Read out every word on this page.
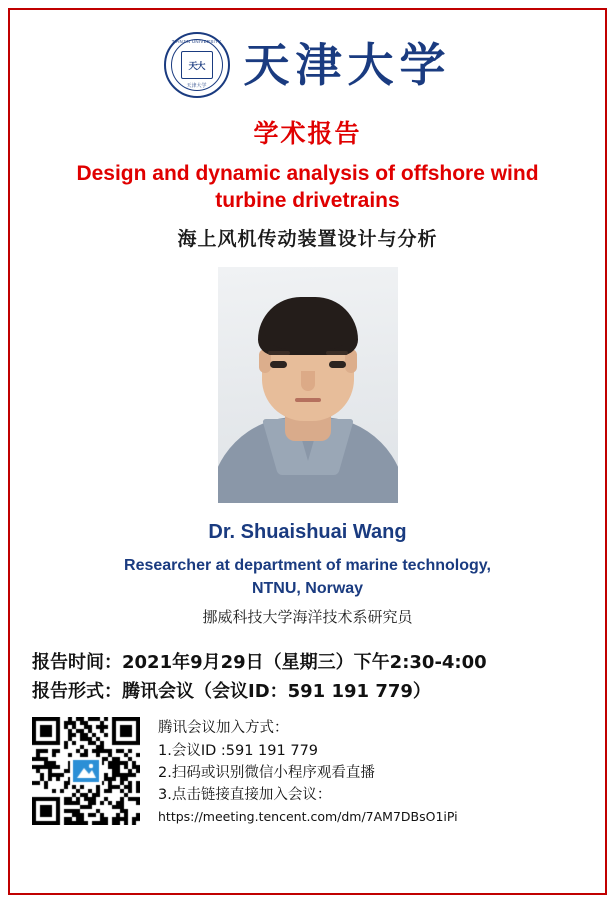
TIANJIN UNIVERSITY
天大
天津大学 天津大学
学术报告
Design and dynamic analysis of offshore wind turbine drivetrains
海上风机传动装置设计与分析
Dr. Shuaishuai Wang
Researcher at department of marine technology, NTNU, Norway
挪威科技大学海洋技术系研究员
报告时间：2021年9月29日（星期三）下午2:30-4:00
报告形式：腾讯会议（会议ID：591 191 779）
腾讯会议加入方式：
1.会议ID :591 191 779
2.扫码或识别微信小程序观看直播
3.点击链接直接加入会议：
https://meeting.tencent.com/dm/7AM7DBsO1iPi
